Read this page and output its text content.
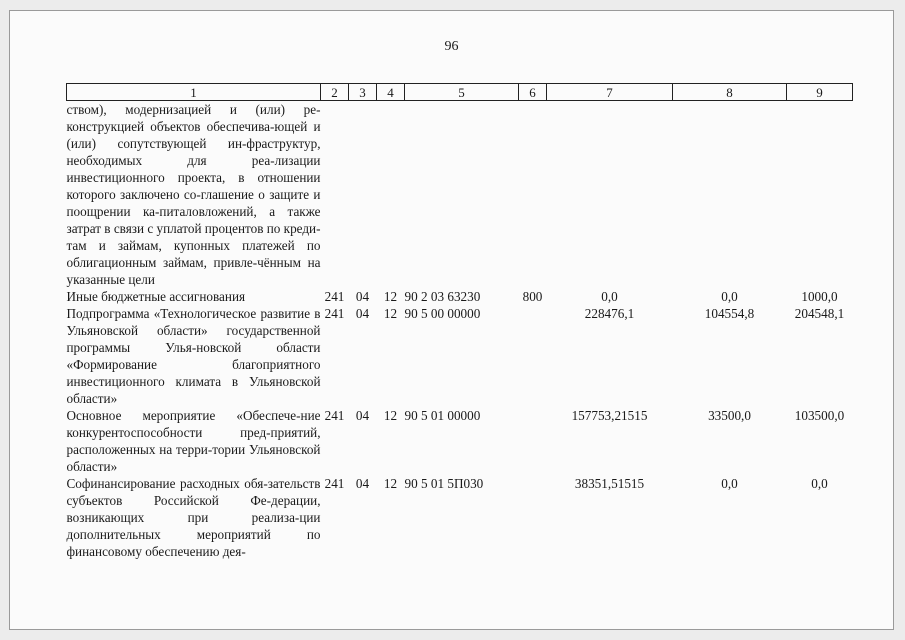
96
1	2	3	4	5	6	7	8	9
ством), модернизацией и (или) ре-конструкцией объектов обеспечива-ющей и (или) сопутствующей ин-фраструктур, необходимых для реа-лизации инвестиционного проекта, в отношении которого заключено со-глашение о защите и поощрении ка-питаловложений, а также затрат в связи с уплатой процентов по креди-там и займам, купонных платежей по облигационным займам, привле-чённым на указанные цели								
Иные бюджетные ассигнования	241	04	12	90 2 03 63230	800	0,0	0,0	1000,0
Подпрограмма «Технологическое развитие в Ульяновской области» государственной программы Улья-новской области «Формирование благоприятного инвестиционного климата в Ульяновской области»	241	04	12	90 5 00 00000		228476,1	104554,8	204548,1
Основное мероприятие «Обеспече-ние конкурентоспособности пред-приятий, расположенных на терри-тории Ульяновской области»	241	04	12	90 5 01 00000		157753,21515	33500,0	103500,0
Софинансирование расходных обя-зательств субъектов Российской Фе-дерации, возникающих при реализа-ции дополнительных мероприятий по финансовому обеспечению дея-	241	04	12	90 5 01 5П030		38351,51515	0,0	0,0
